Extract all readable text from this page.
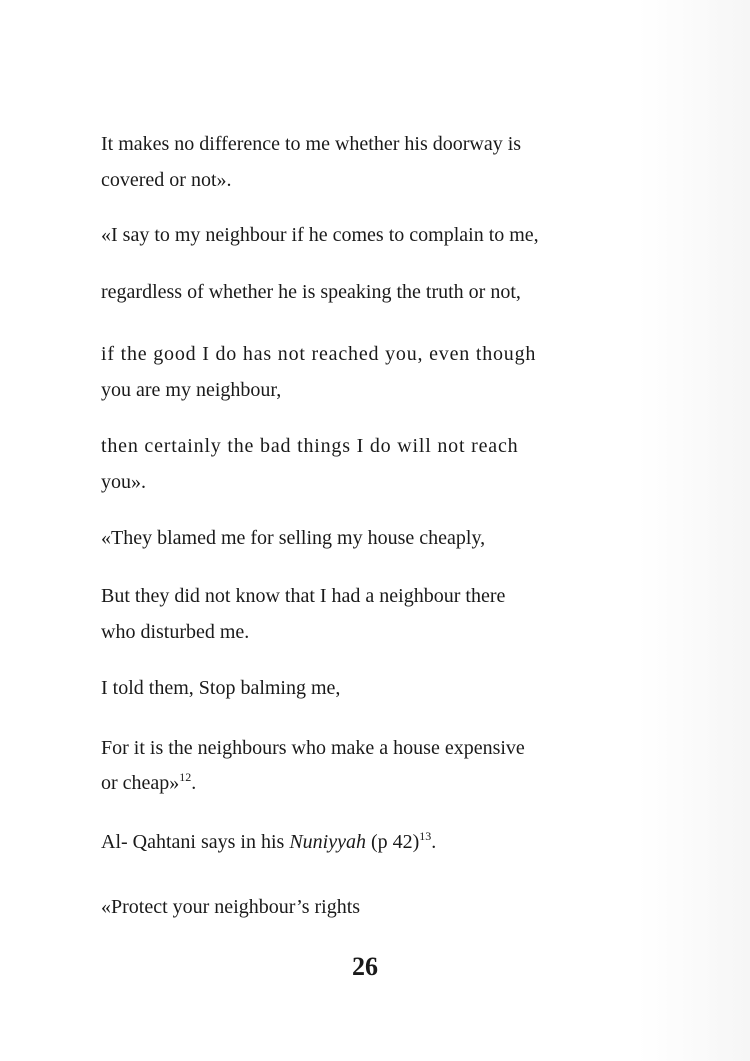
It makes no difference to me whether his doorway is
covered or not».
«I say to my neighbour if he comes to complain to me,
regardless of whether he is speaking the truth or not,
if the good I do has not reached you, even though
you are my neighbour,
then certainly the bad things I do will not reach
you».
«They blamed me for selling my house cheaply,
But they did not know that I had a neighbour there
who disturbed me.
I told them, Stop balming me,
For it is the neighbours who make a house expensive
or cheap»$^{12}$.
Al- Qahtani says in his Nuniyyah (p 42)$^{13}$.
«Protect your neighbour’s rights
26
